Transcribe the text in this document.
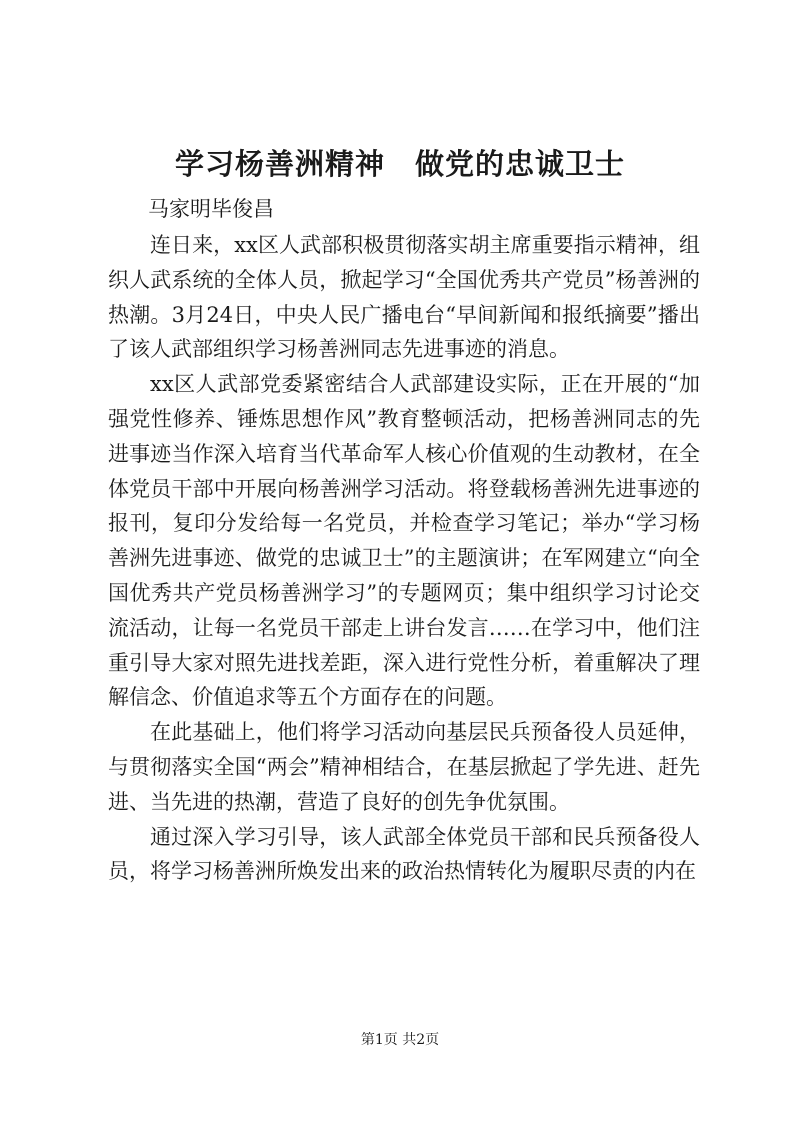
学习杨善洲精神　做党的忠诚卫士
马家明毕俊昌

连日来，xx区人武部积极贯彻落实胡主席重要指示精神，组织人武系统的全体人员，掀起学习“全国优秀共产党员”杨善洲的热潮。3月24日，中央人民广播电台“早间新闻和报纸摘要”播出了该人武部组织学习杨善洲同志先进事迹的消息。

xx区人武部党委紧密结合人武部建设实际，正在开展的“加强党性修养、锤炼思想作风”教育整顿活动，把杨善洲同志的先进事迹当作深入培育当代革命军人核心价值观的生动教材，在全体党员干部中开展向杨善洲学习活动。将登载杨善洲先进事迹的报刊，复印分发给每一名党员，并检查学习笔记；举办“学习杨善洲先进事迹、做党的忠诚卫士”的主题演讲；在军网建立“向全国优秀共产党员杨善洲学习”的专题网页；集中组织学习讨论交流活动，让每一名党员干部走上讲台发言……在学习中，他们注重引导大家对照先进找差距，深入进行党性分析，着重解决了理解信念、价值追求等五个方面存在的问题。

在此基础上，他们将学习活动向基层民兵预备役人员延伸，与贯彻落实全国“两会”精神相结合，在基层掀起了学先进、赶先进、当先进的热潮，营造了良好的创先争优氛围。

通过深入学习引导，该人武部全体党员干部和民兵预备役人员，将学习杨善洲所焕发出来的政治热情转化为履职尽责的内在

第1页 共2页
